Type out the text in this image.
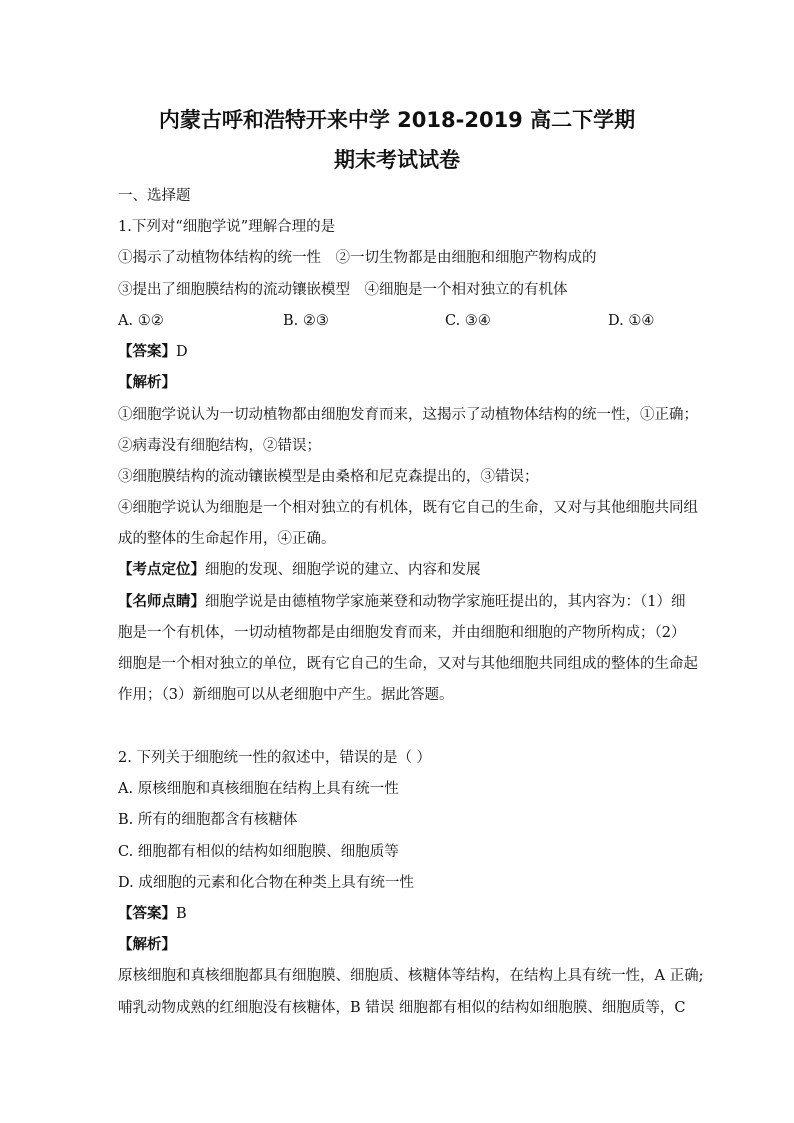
内蒙古呼和浩特开来中学 2018-2019 高二下学期
期末考试试卷
一、选择题
1.下列对“细胞学说”理解合理的是
①揭示了动植物体结构的统一性　②一切生物都是由细胞和细胞产物构成的
③提出了细胞膜结构的流动镶嵌模型　④细胞是一个相对独立的有机体
A. ①②	B. ②③	C. ③④	D. ①④
【答案】D
【解析】
①细胞学说认为一切动植物都由细胞发育而来，这揭示了动植物体结构的统一性，①正确；
②病毒没有细胞结构，②错误；
③细胞膜结构的流动镶嵌模型是由桑格和尼克森提出的，③错误；
④细胞学说认为细胞是一个相对独立的有机体，既有它自己的生命，又对与其他细胞共同组
成的整体的生命起作用，④正确。
【考点定位】细胞的发现、细胞学说的建立、内容和发展
【名师点睛】细胞学说是由德植物学家施莱登和动物学家施旺提出的，其内容为：（1）细
胞是一个有机体，一切动植物都是由细胞发育而来，并由细胞和细胞的产物所构成；（2）
细胞是一个相对独立的单位，既有它自己的生命，又对与其他细胞共同组成的整体的生命起
作用；（3）新细胞可以从老细胞中产生。据此答题。
2. 下列关于细胞统一性的叙述中，错误的是（ ）
A. 原核细胞和真核细胞在结构上具有统一性
B. 所有的细胞都含有核糖体
C. 细胞都有相似的结构如细胞膜、细胞质等
D. 成细胞的元素和化合物在种类上具有统一性
【答案】B
【解析】
原核细胞和真核细胞都具有细胞膜、细胞质、核糖体等结构，在结构上具有统一性，A 正确;
哺乳动物成熟的红细胞没有核糖体，B 错误 细胞都有相似的结构如细胞膜、细胞质等，C
